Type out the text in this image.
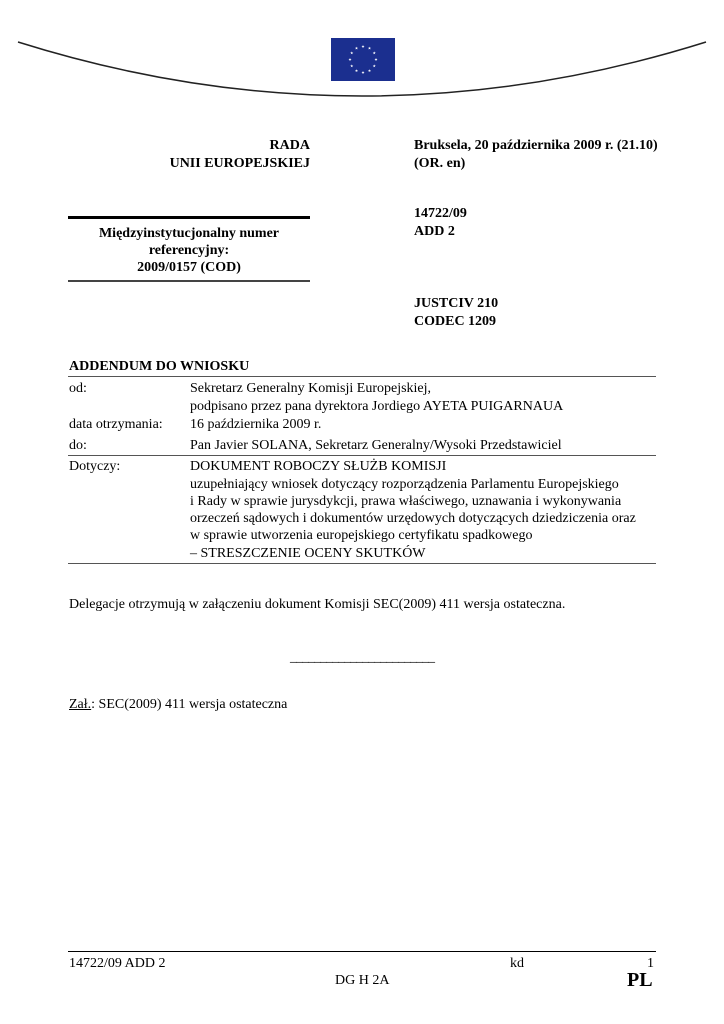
RADA
UNII EUROPEJSKIEJ
Bruksela, 20 października 2009 r. (21.10)
(OR. en)
Międzyinstytucjonalny numer
referencyjny:
2009/0157 (COD)
14722/09
ADD 2
JUSTCIV 210
CODEC 1209
ADDENDUM DO WNIOSKU
od:	Sekretarz Generalny Komisji Europejskiej,
podpisano przez pana dyrektora Jordiego AYETA PUIGARNAUA
data otrzymania: 16 października 2009 r.
do:	Pan Javier SOLANA, Sekretarz Generalny/Wysoki Przedstawiciel
Dotyczy:	DOKUMENT ROBOCZY SŁUŻB KOMISJI
uzupełniający wniosek dotyczący rozporządzenia Parlamentu Europejskiego
i Rady w sprawie jurysdykcji, prawa właściwego, uznawania i wykonywania
orzeczeń sądowych i dokumentów urzędowych dotyczących dziedziczenia oraz
w sprawie utworzenia europejskiego certyfikatu spadkowego
– STRESZCZENIE OCENY SKUTKÓW
Delegacje otrzymują w załączeniu dokument Komisji SEC(2009) 411 wersja ostateczna.
________________________
Zał.: SEC(2009) 411 wersja ostateczna
14722/09 ADD 2	kd	1
DG H 2A	PL
